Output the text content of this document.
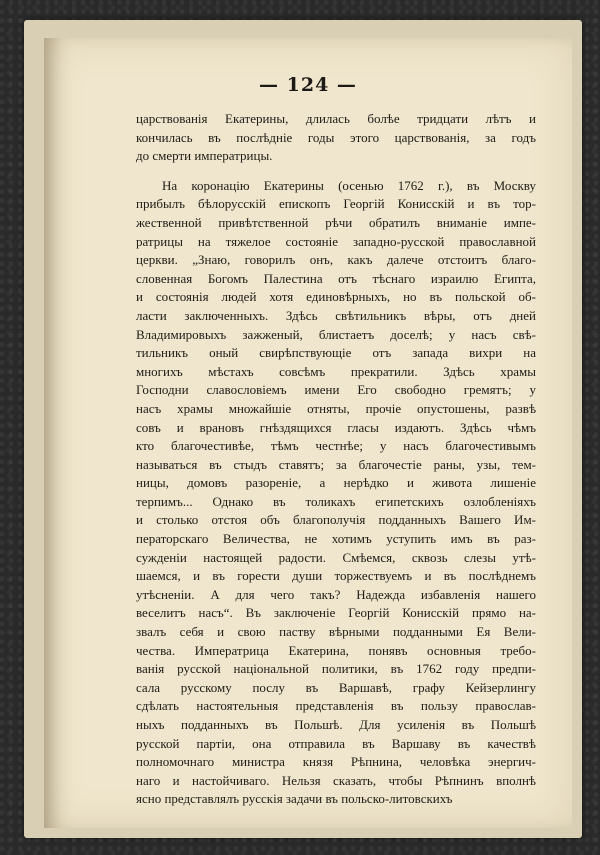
— 124 —
царствованія Екатерины, длилась болѣе тридцати лѣтъ и
кончилась въ послѣдніе годы этого царствованія, за годъ
до смерти императрицы.
На коронацію Екатерины (осенью 1762 г.), въ Москву
прибылъ бѣлорусскій епископъ Георгій Конисскій и въ тор-
жественной привѣтственной рѣчи обратилъ вниманіе импе-
ратрицы на тяжелое состояніе западно-русской православной
церкви. „Знаю, говорилъ онъ, какъ далече отстоитъ благо-
словенная Богомъ Палестина отъ тѣснаго израилю Египта,
и состоянія людей хотя единовѣрныхъ, но въ польской об-
ласти заключенныхъ. Здѣсь свѣтильникъ вѣры, отъ дней
Владимировыхъ зажженый, блистаетъ доселѣ; у насъ свѣ-
тильникъ оный свирѣпствующіе отъ запада вихри на
многихъ мѣстахъ совсѣмъ прекратили. Здѣсь храмы
Господни славословіемъ имени Его свободно гремятъ; у
насъ храмы множайшіе отняты, прочіе опустошены, развѣ
совъ и врановъ гнѣздящихся гласы издаютъ. Здѣсь чѣмъ
кто благочестивѣе, тѣмъ честнѣе; у насъ благочестивымъ
называться въ стыдъ ставятъ; за благочестіе раны, узы, тем-
ницы, домовъ разореніе, а нерѣдко и живота лишеніе
терпимъ... Однако въ толикахъ египетскихъ озлобленіяхъ
и столько отстоя объ благополучія подданныхъ Вашего Им-
ператорскаго Величества, не хотимъ уступить имъ въ раз-
сужденіи настоящей радости. Смѣемся, сквозь слезы утѣ-
шаемся, и въ горести души торжествуемъ и въ послѣднемъ
утѣсненіи. А для чего такъ? Надежда избавленія нашего
веселитъ насъ“. Въ заключеніе Георгій Конисскій прямо на-
звалъ себя и свою паству вѣрными подданными Ея Вели-
чества. Императрица Екатерина, понявъ основныя требо-
ванія русской національной политики, въ 1762 году предпи-
сала русскому послу въ Варшавѣ, графу Кейзерлингу
сдѣлать настоятельныя представленія въ пользу православ-
ныхъ подданныхъ въ Польшѣ. Для усиленія въ Польшѣ
русской партіи, она отправила въ Варшаву въ качествѣ
полномочнаго министра князя Рѣпнина, человѣка энергич-
наго и настойчиваго. Нельзя сказать, чтобы Рѣпнинъ вполнѣ
ясно представлялъ русскія задачи въ польско-литовскихъ
